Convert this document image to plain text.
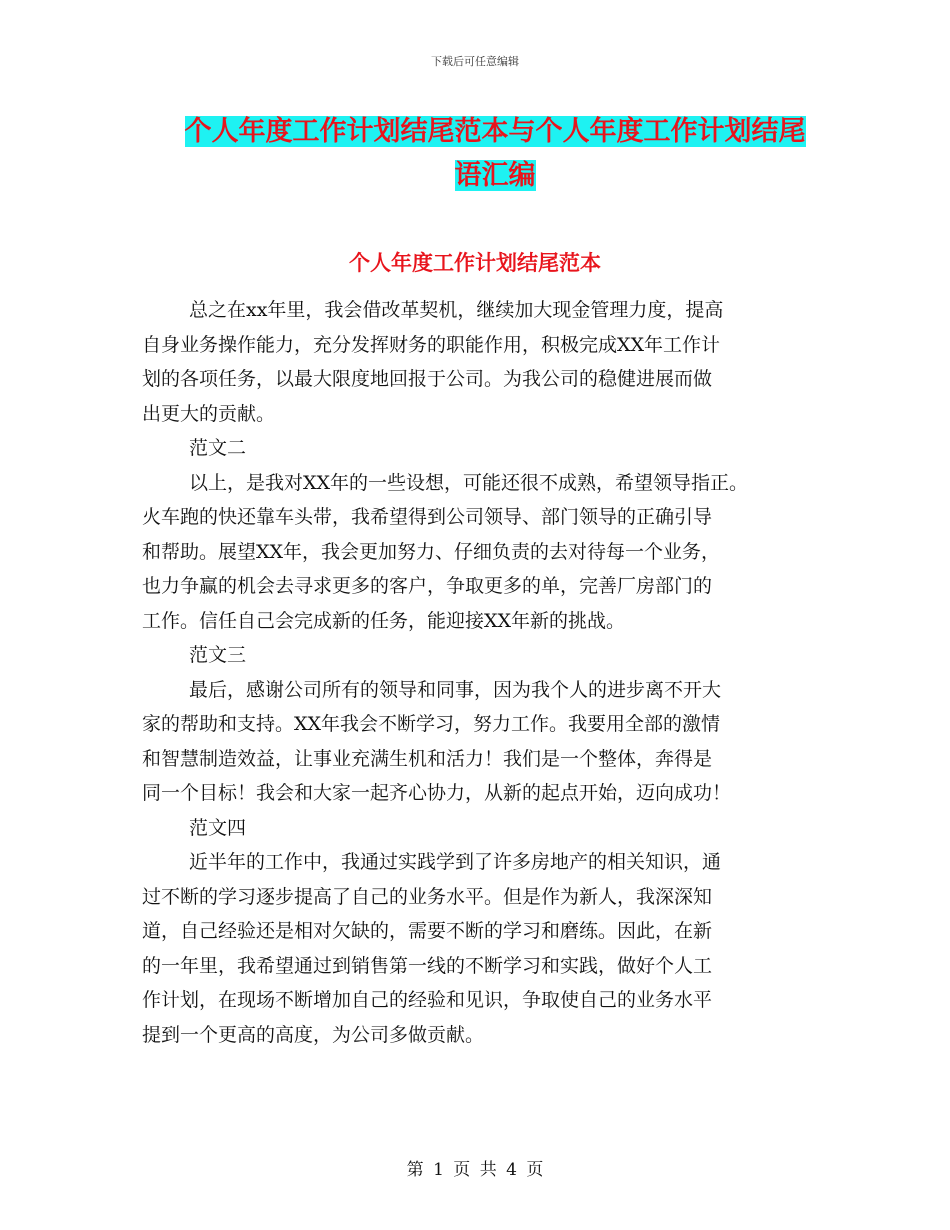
下载后可任意编辑
个人年度工作计划结尾范本与个人年度工作计划结尾
语汇编
个人年度工作计划结尾范本
总之在xx年里，我会借改革契机，继续加大现金管理力度，提高
自身业务操作能力，充分发挥财务的职能作用，积极完成XX年工作计
划的各项任务，以最大限度地回报于公司。为我公司的稳健进展而做
出更大的贡献。
范文二
以上，是我对XX年的一些设想，可能还很不成熟，希望领导指正。
火车跑的快还靠车头带，我希望得到公司领导、部门领导的正确引导
和帮助。展望XX年，我会更加努力、仔细负责的去对待每一个业务，
也力争赢的机会去寻求更多的客户，争取更多的单，完善厂房部门的
工作。信任自己会完成新的任务，能迎接XX年新的挑战。
范文三
最后，感谢公司所有的领导和同事，因为我个人的进步离不开大
家的帮助和支持。XX年我会不断学习，努力工作。我要用全部的激情
和智慧制造效益，让事业充满生机和活力！我们是一个整体，奔得是
同一个目标！我会和大家一起齐心协力，从新的起点开始，迈向成功！
范文四
近半年的工作中，我通过实践学到了许多房地产的相关知识，通
过不断的学习逐步提高了自己的业务水平。但是作为新人，我深深知
道，自己经验还是相对欠缺的，需要不断的学习和磨练。因此，在新
的一年里，我希望通过到销售第一线的不断学习和实践，做好个人工
作计划，在现场不断增加自己的经验和见识，争取使自己的业务水平
提到一个更高的高度，为公司多做贡献。
第 1 页 共 4 页
